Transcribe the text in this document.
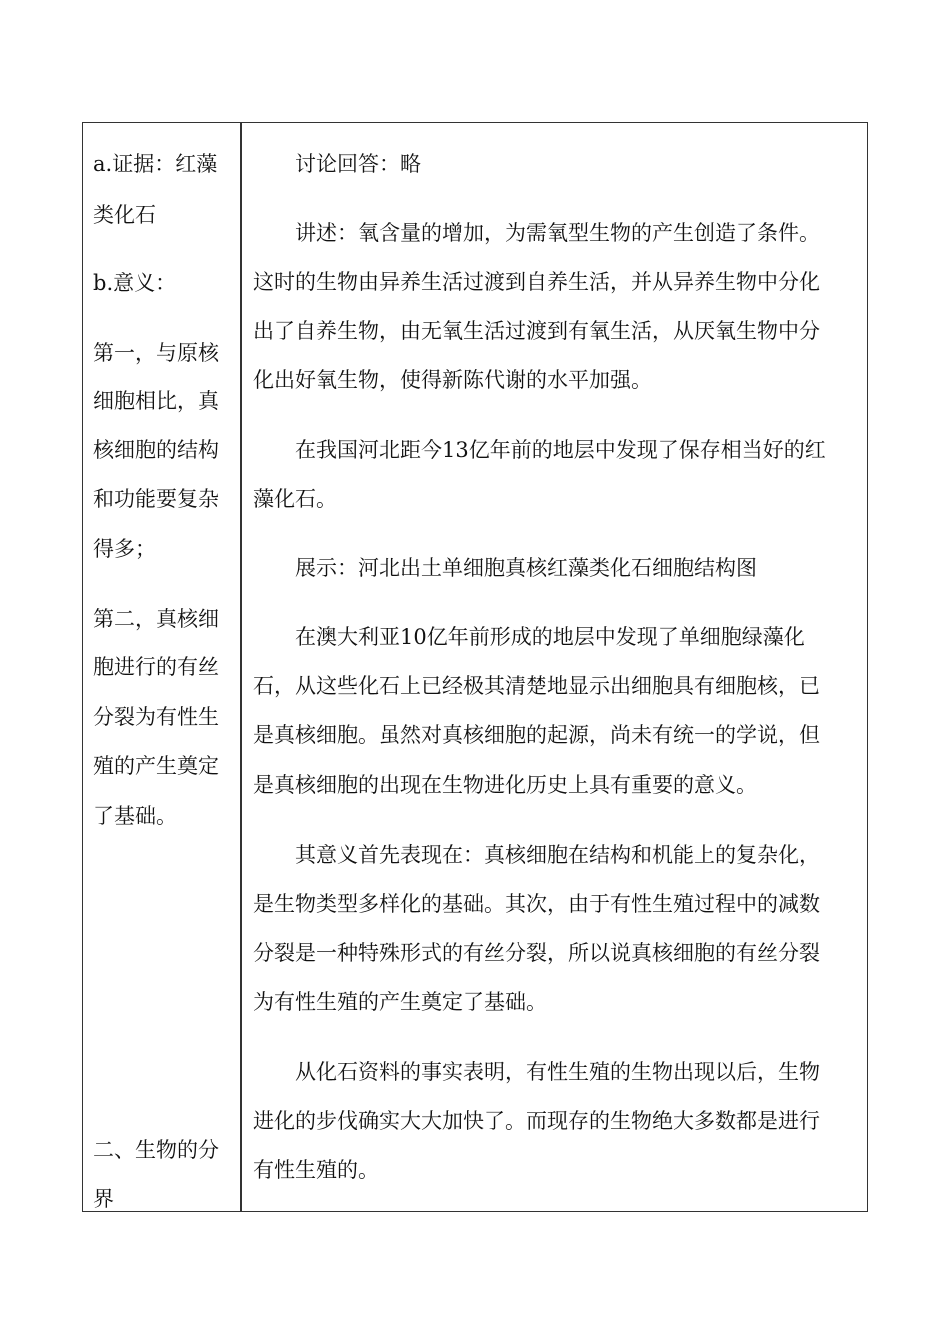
a.证据：红藻
类化石
b.意义：
第一，与原核
细胞相比，真
核细胞的结构
和功能要复杂
得多；
第二，真核细
胞进行的有丝
分裂为有性生
殖的产生奠定
了基础。
二、生物的分
界
　　讨论回答：略
　　讲述：氧含量的增加，为需氧型生物的产生创造了条件。
这时的生物由异养生活过渡到自养生活，并从异养生物中分化
出了自养生物，由无氧生活过渡到有氧生活，从厌氧生物中分
化出好氧生物，使得新陈代谢的水平加强。
　　在我国河北距今13亿年前的地层中发现了保存相当好的红
藻化石。
　　展示：河北出土单细胞真核红藻类化石细胞结构图
　　在澳大利亚10亿年前形成的地层中发现了单细胞绿藻化
石，从这些化石上已经极其清楚地显示出细胞具有细胞核，已
是真核细胞。虽然对真核细胞的起源，尚未有统一的学说，但
是真核细胞的出现在生物进化历史上具有重要的意义。
　　其意义首先表现在：真核细胞在结构和机能上的复杂化，
是生物类型多样化的基础。其次，由于有性生殖过程中的减数
分裂是一种特殊形式的有丝分裂，所以说真核细胞的有丝分裂
为有性生殖的产生奠定了基础。
　　从化石资料的事实表明，有性生殖的生物出现以后，生物
进化的步伐确实大大加快了。而现存的生物绝大多数都是进行
有性生殖的。
